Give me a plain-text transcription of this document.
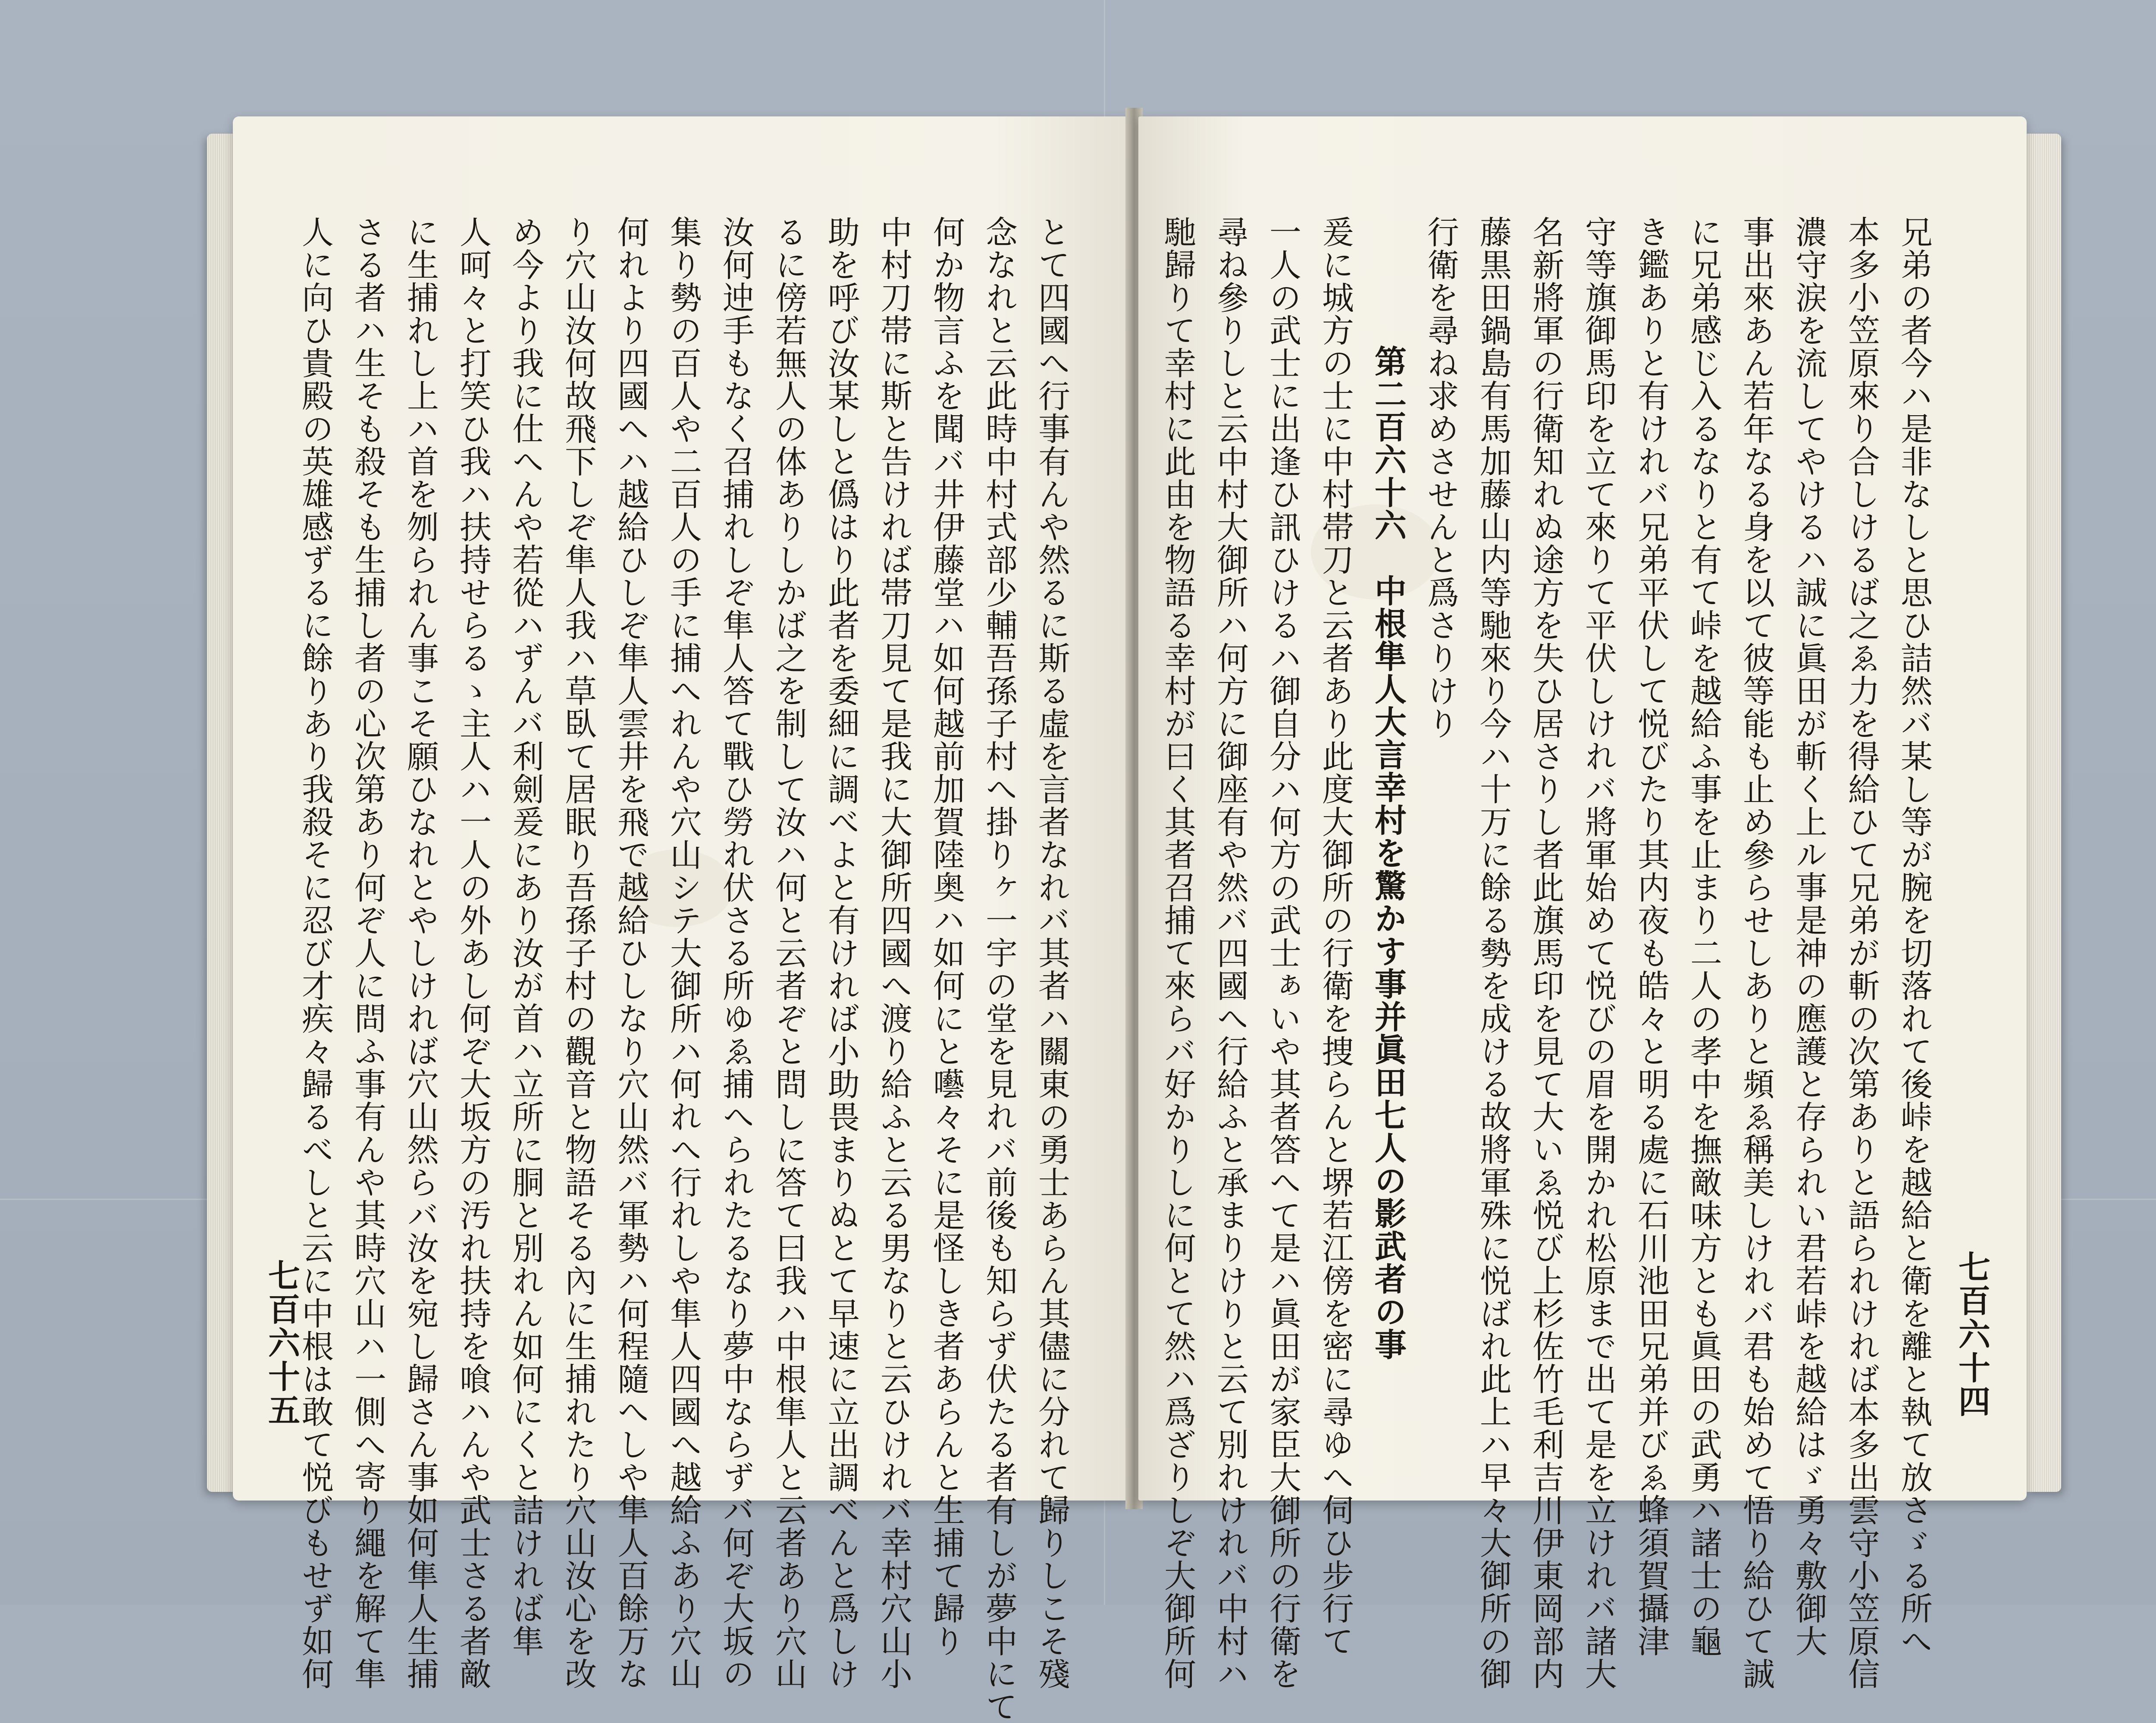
とて四國へ行事有んや然るに斯る虛を言者なれバ其者ハ關東の勇士あらん其儘に分れて歸りしこそ殘
念なれと云此時中村式部少輔吾孫子村へ掛りヶ一宇の堂を見れバ前後も知らず伏たる者有しが夢中にて
何か物言ふを聞バ井伊藤堂ハ如何越前加賀陸奥ハ如何にと囈々そに是怪しき者あらんと生捕て歸り
中村刀帯に斯と告ければ帯刀見て是我に大御所四國へ渡り給ふと云る男なりと云ひけれバ幸村穴山小
助を呼び汝某しと僞はり此者を委細に調べよと有ければ小助畏まりぬとて早速に立出調べんと爲しけ
るに傍若無人の体ありしかば之を制して汝ハ何と云者ぞと問しに答て曰我ハ中根隼人と云者あり穴山
汝何迚手もなく召捕れしぞ隼人答て戰ひ勞れ伏さる所ゆゑ捕へられたるなり夢中ならずバ何ぞ大坂の
集り勢の百人や二百人の手に捕へれんや穴山シテ大御所ハ何れへ行れしや隼人四國へ越給ふあり穴山
何れより四國へハ越給ひしぞ隼人雲井を飛で越給ひしなり穴山然バ軍勢ハ何程隨へしや隼人百餘万な
り穴山汝何故飛下しぞ隼人我ハ草臥て居眠り吾孫子村の觀音と物語そる內に生捕れたり穴山汝心を改
め今より我に仕へんや若從ハずんバ利劍爰にあり汝が首ハ立所に胴と別れん如何にくと詰ければ隼
人呵々と打笑ひ我ハ扶持せらるゝ主人ハ一人の外あし何ぞ大坂方の汚れ扶持を喰ハんや武士さる者敵
に生捕れし上ハ首を刎られん事こそ願ひなれとやしければ穴山然らバ汝を宛し歸さん事如何隼人生捕
さる者ハ生そも殺そも生捕し者の心次第あり何ぞ人に問ふ事有んや其時穴山ハ一側へ寄り繩を解て隼
人に向ひ貴殿の英雄感ずるに餘りあり我殺そに忍び才疾々歸るべしと云に中根は敢て悦びもせず如何
七百六十五	兄弟の者今ハ是非なしと思ひ詰然バ某し等が腕を切落れて後峠を越給と衛を離と執て放さゞる所へ
本多小笠原來り合しけるば之ゑ力を得給ひて兄弟が斬の次第ありと語られければ本多出雲守小笠原信
濃守涙を流してやけるハ誠に眞田が斬く上ル事是神の應護と存られい君若峠を越給はゞ勇々敷御大
事出來あん若年なる身を以て彼等能も止め參らせしありと頻ゑ稱美しけれバ君も始めて悟り給ひて誠
に兄弟感じ入るなりと有て峠を越給ふ事を止まり二人の孝中を撫敵味方とも眞田の武勇ハ諸士の龜
き鑑ありと有けれバ兄弟平伏して悦びたり其内夜も皓々と明る處に石川池田兄弟并びゑ蜂須賀攝津
守等旗御馬印を立て來りて平伏しけれバ將軍始めて悦びの眉を開かれ松原まで出て是を立けれバ諸大
名新將軍の行衛知れぬ途方を失ひ居さりし者此旗馬印を見て大いゑ悦び上杉佐竹毛利吉川伊東岡部内
藤黒田鍋島有馬加藤山内等馳來り今ハ十万に餘る勢を成ける故將軍殊に悦ばれ此上ハ早々大御所の御
行衛を尋ね求めさせんと爲さりけり
第二百六十六　中根隼人大言幸村を驚かす事并眞田七人の影武者の事
爰に城方の士に中村帯刀と云者あり此度大御所の行衛を捜らんと堺若江傍を密に尋ゆへ伺ひ步行て
一人の武士に出逢ひ訊ひけるハ御自分ハ何方の武士ぁいや其者答へて是ハ眞田が家臣大御所の行衛を
尋ね參りしと云中村大御所ハ何方に御座有や然バ四國へ行給ふと承まりけりと云て別れけれバ中村ハ
馳歸りて幸村に此由を物語る幸村が曰く其者召捕て來らバ好かりしに何とて然ハ爲ざりしぞ大御所何	七百六十四
